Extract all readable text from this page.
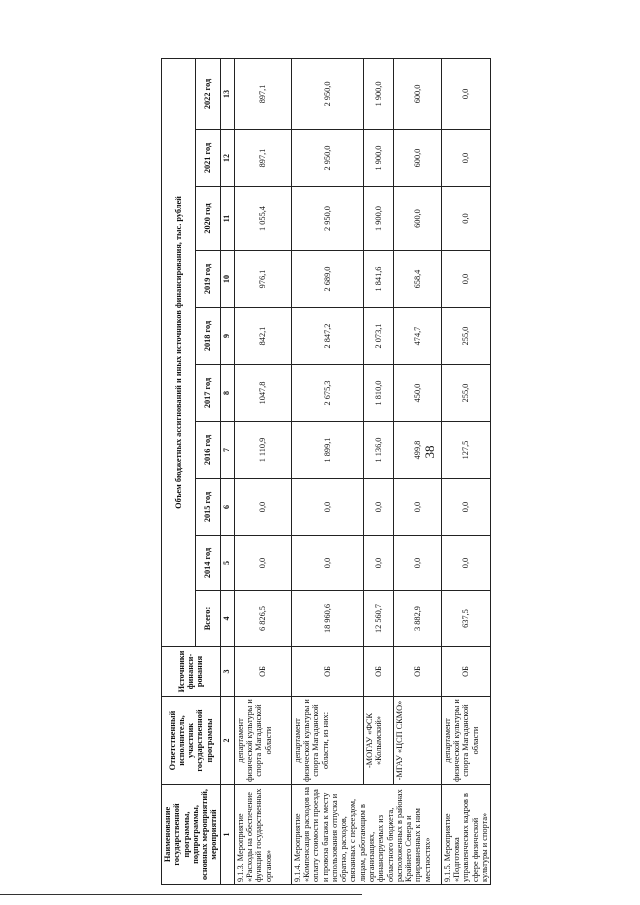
38
Наименование государственной программы, подпрограммы, основных мероприятий, мероприятий	Ответственный исполнитель, участник государственной программы	Источники финанси-рования	Объем бюджетных ассигнований и иных источников финансирования, тыс. рублей									
			Всего:	2014 год	2015 год	2016 год	2017 год	2018 год	2019 год	2020 год	2021 год	2022 год
1	2	3	4	5	6	7	8	9	10	11	12	13
9.1.3. Мероприятие «Расходы на обеспечение функций государственных органов»	департамент физической культуры и спорта Магаданской области	ОБ	6 826,5	0,0	0,0	1 110,9	1047,8	842,1	976,1	1 055,4	897,1	897,1
9.1.4. Мероприятие «Компенсация расходов на оплату стоимости проезда и провоза багажа к месту использования отпуска и обратно, расходов, связанных с переездом, лицам, работающим в организациях, финансируемых из областного бюджета, расположенных в районах Крайнего Севера и приравненных к ним местностях»	департамент физической культуры и спорта Магаданской области, из них:	ОБ	18 960,6	0,0	0,0	1 899,1	2 675,3	2 847,2	2 689,0	2 950,0	2 950,0	2 950,0
	-МОГАУ «ФСК «Колымский»	ОБ	12 560,7	0,0	0,0	1 136,0	1 810,0	2 073,1	1 841,6	1 900,0	1 900,0	1 900,0
	-МГАУ «ЦСП СКМО»	ОБ	3 882,9	0,0	0,0	499,8	450,0	474,7	658,4	600,0	600,0	600,0
9.1.5. Мероприятие «Подготовка управленческих кадров в сфере физической культуры и спорта»	департамент физической культуры и спорта Магаданской области	ОБ	637,5	0,0	0,0	127,5	255,0	255,0	0,0	0,0	0,0	0,0
